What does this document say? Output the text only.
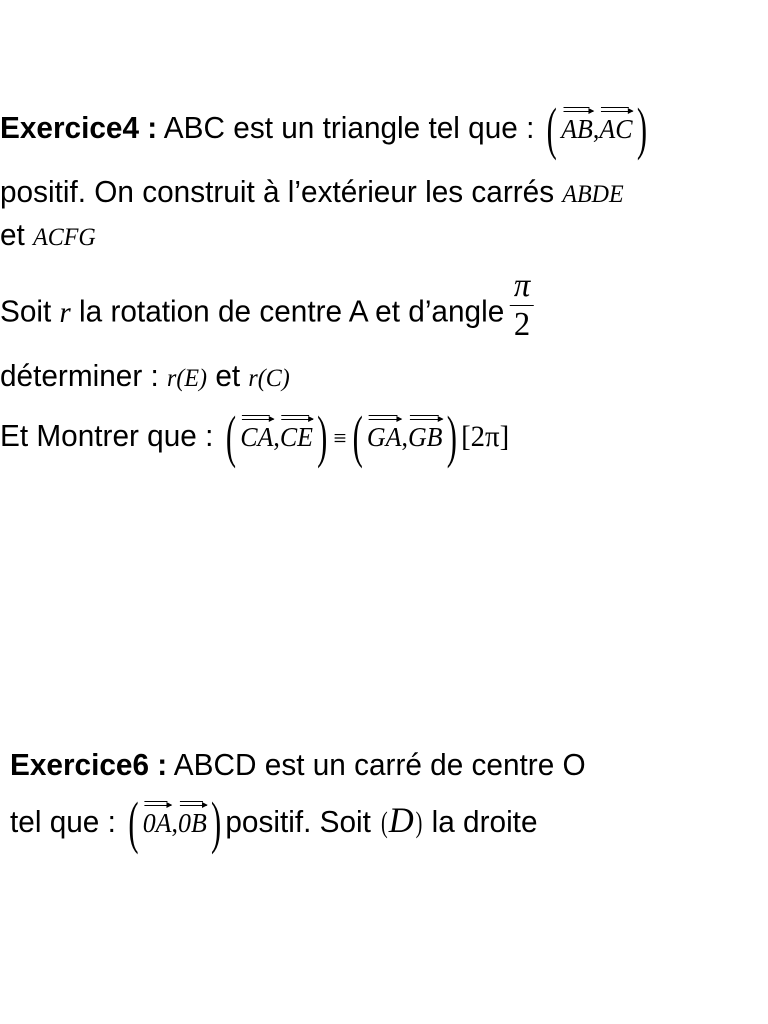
Exercice4 : ABC est un triangle tel que : ( AB,
AC)
positif. On construit à l’extérieur les carrés ABDE
et ACFG
Soit r la rotation de centre A et d’angle $\frac{\pi}{2}$
déterminer : r(E) et r(C)
Et Montrer que : ( CA,
CE) ≡ ( GA,
GB) [2π]
Exercice6 : ABCD est un carré de centre O
tel que : ( 0A,
0B) positif. Soit (D) la droite
